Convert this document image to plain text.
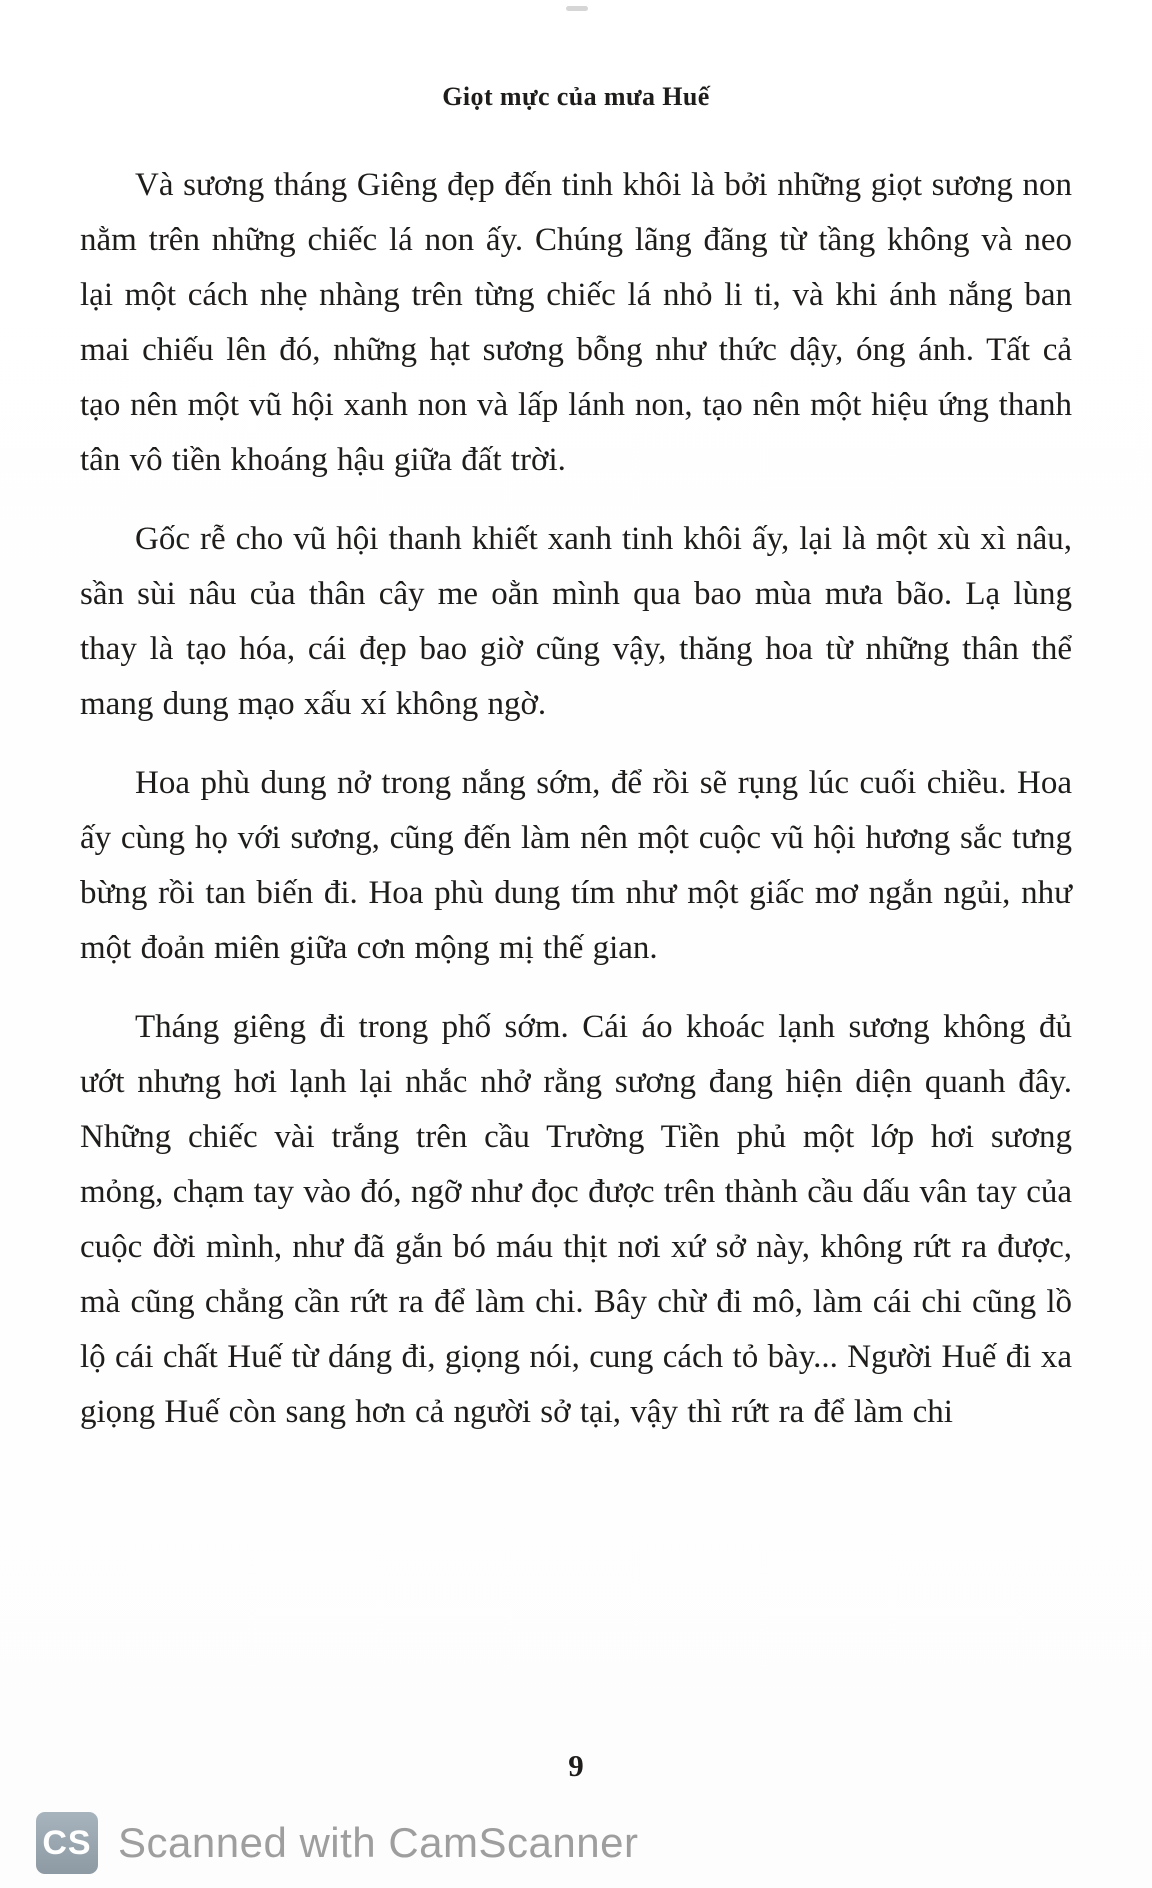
Giọt mực của mưa Huế

Và sương tháng Giêng đẹp đến tinh khôi là bởi những giọt sương non nằm trên những chiếc lá non ấy. Chúng lãng đãng từ tầng không và neo lại một cách nhẹ nhàng trên từng chiếc lá nhỏ li ti, và khi ánh nắng ban mai chiếu lên đó, những hạt sương bỗng như thức dậy, óng ánh. Tất cả tạo nên một vũ hội xanh non và lấp lánh non, tạo nên một hiệu ứng thanh tân vô tiền khoáng hậu giữa đất trời.

Gốc rễ cho vũ hội thanh khiết xanh tinh khôi ấy, lại là một xù xì nâu, sần sùi nâu của thân cây me oằn mình qua bao mùa mưa bão. Lạ lùng thay là tạo hóa, cái đẹp bao giờ cũng vậy, thăng hoa từ những thân thể mang dung mạo xấu xí không ngờ.

Hoa phù dung nở trong nắng sớm, để rồi sẽ rụng lúc cuối chiều. Hoa ấy cùng họ với sương, cũng đến làm nên một cuộc vũ hội hương sắc tưng bừng rồi tan biến đi. Hoa phù dung tím như một giấc mơ ngắn ngủi, như một đoản miên giữa cơn mộng mị thế gian.

Tháng giêng đi trong phố sớm. Cái áo khoác lạnh sương không đủ ướt nhưng hơi lạnh lại nhắc nhở rằng sương đang hiện diện quanh đây. Những chiếc vài trắng trên cầu Trường Tiền phủ một lớp hơi sương mỏng, chạm tay vào đó, ngỡ như đọc được trên thành cầu dấu vân tay của cuộc đời mình, như đã gắn bó máu thịt nơi xứ sở này, không rứt ra được, mà cũng chẳng cần rứt ra để làm chi. Bây chừ đi mô, làm cái chi cũng lồ lộ cái chất Huế từ dáng đi, giọng nói, cung cách tỏ bày... Người Huế đi xa giọng Huế còn sang hơn cả người sở tại, vậy thì rứt ra để làm chi

9
CS Scanned with CamScanner
